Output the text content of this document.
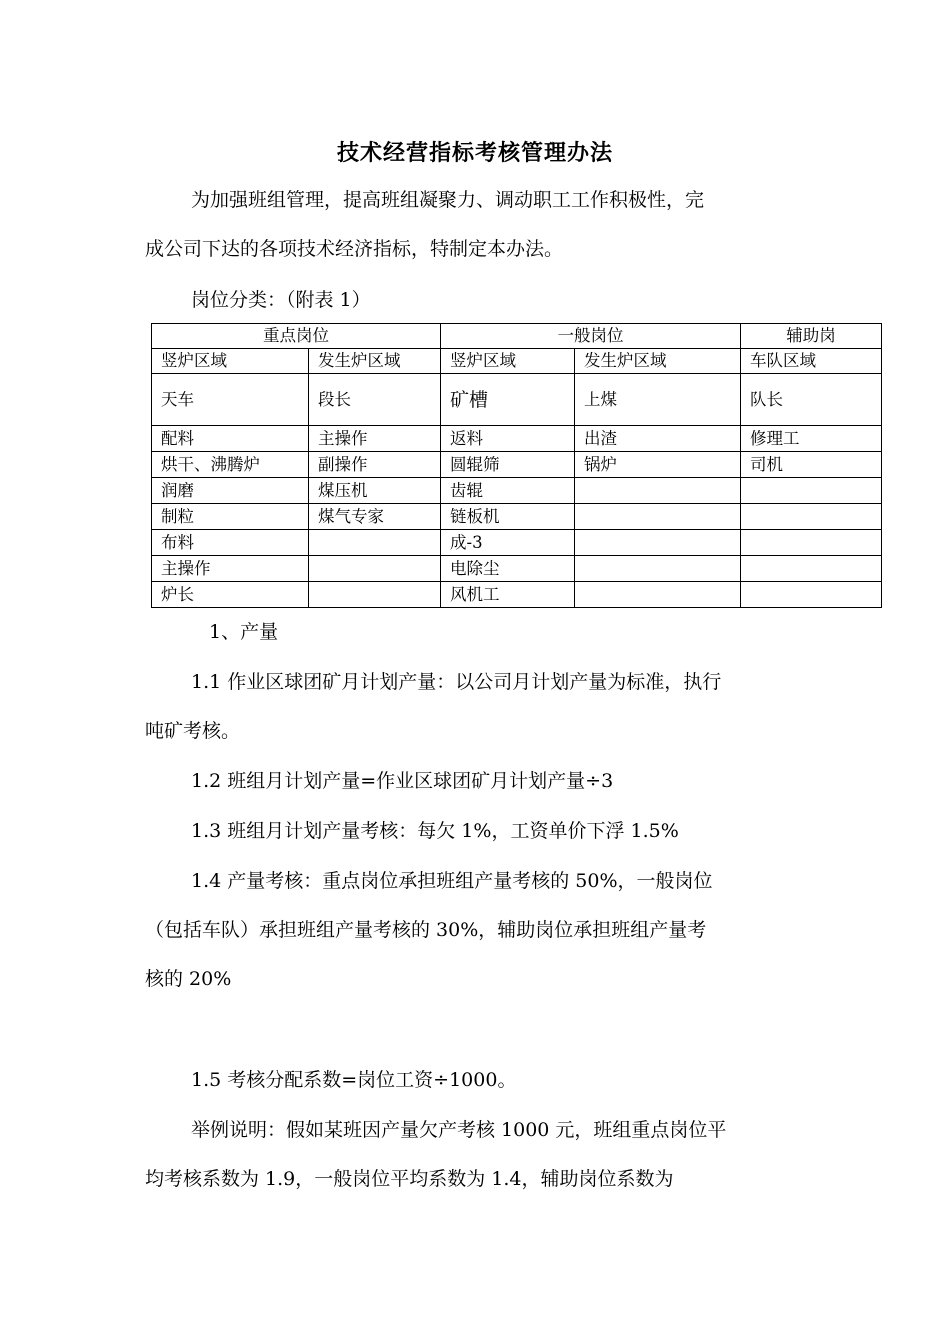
技术经营指标考核管理办法
为加强班组管理，提高班组凝聚力、调动职工工作积极性，完
成公司下达的各项技术经济指标，特制定本办法。
岗位分类：（附表 1）
重点岗位		一般岗位		辅助岗
竖炉区域	发生炉区域	竖炉区域	发生炉区域	车队区域
天车	段长	矿槽	上煤	队长
配料	主操作	返料	出渣	修理工
烘干、沸腾炉	副操作	圆辊筛	锅炉	司机
润磨	煤压机	齿辊		
制粒	煤气专家	链板机		
布料		成-3		
主操作		电除尘		
炉长		风机工		
1、产量
1.1 作业区球团矿月计划产量：以公司月计划产量为标准，执行
吨矿考核。
1.2 班组月计划产量=作业区球团矿月计划产量÷3
1.3 班组月计划产量考核：每欠 1%，工资单价下浮 1.5%
1.4 产量考核：重点岗位承担班组产量考核的 50%，一般岗位
（包括车队）承担班组产量考核的 30%，辅助岗位承担班组产量考
核的 20%
1.5 考核分配系数=岗位工资÷1000。
举例说明：假如某班因产量欠产考核 1000 元，班组重点岗位平
均考核系数为 1.9，一般岗位平均系数为 1.4，辅助岗位系数为
